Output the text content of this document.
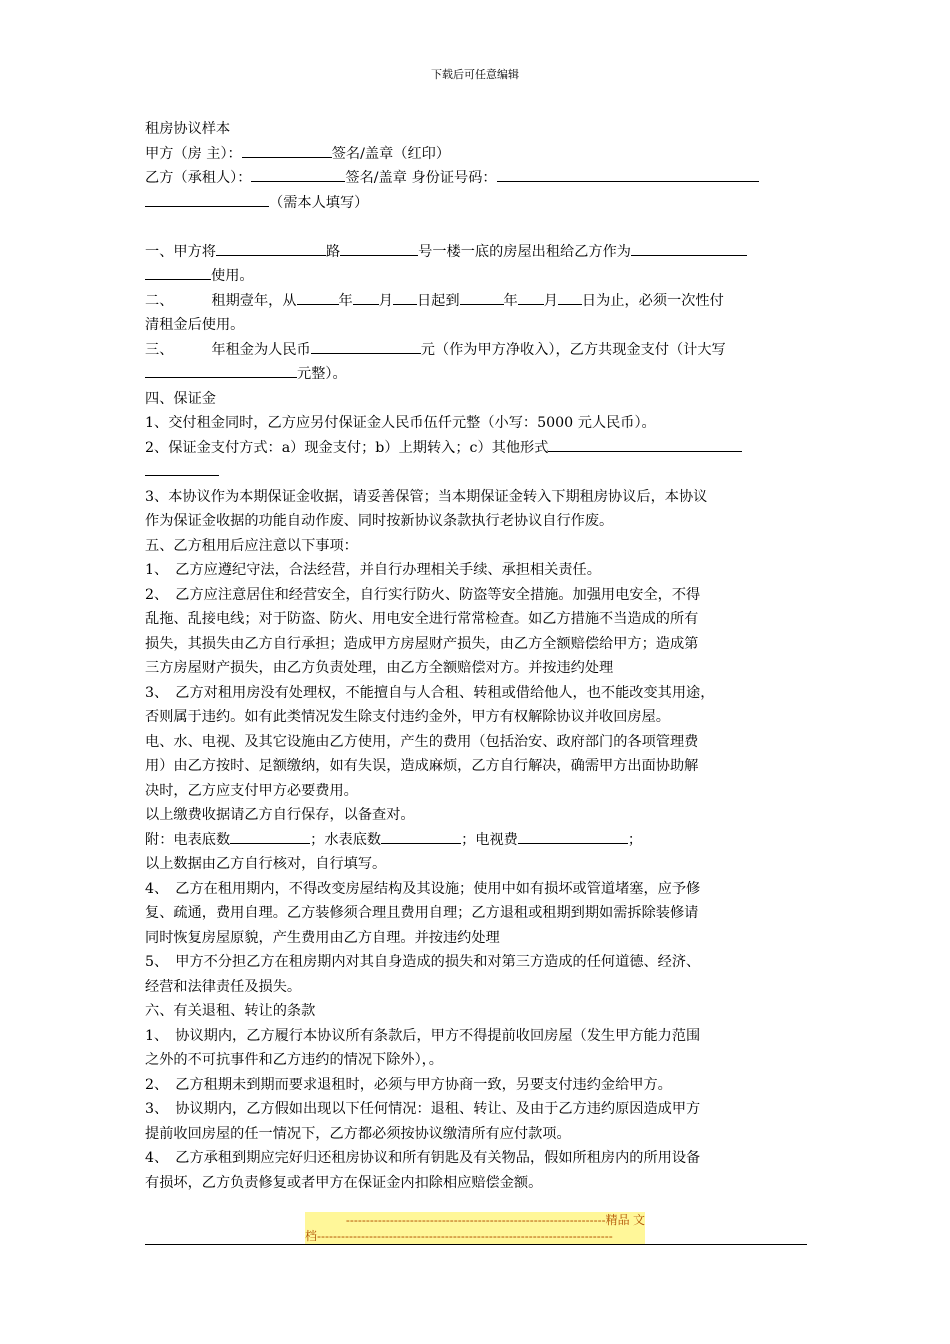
下载后可任意编辑

租房协议样本

甲方（房 主）：	签名/盖章（红印）

乙方（承租人）：	签名/盖章 身份证号码：

（需本人填写）

一、甲方将	路	号一楼一底的房屋出租给乙方作为

使用。

二、	租期壹年，从	年 月 日起到	年 月 日为止，必须一次性付

清租金后使用。

三、	年租金为人民币	元（作为甲方净收入），乙方共现金支付（计大写

元整）。

四、保证金

1、交付租金同时，乙方应另付保证金人民币伍仟元整（小写：5000 元人民币）。

2、保证金支付方式：a）现金支付；b）上期转入；c）其他形式

3、本协议作为本期保证金收据，请妥善保管；当本期保证金转入下期租房协议后，本协议

作为保证金收据的功能自动作废、同时按新协议条款执行老协议自行作废。

五、乙方租用后应注意以下事项：

1、　乙方应遵纪守法，合法经营，并自行办理相关手续、承担相关责任。

2、　乙方应注意居住和经营安全，自行实行防火、防盗等安全措施。加强用电安全，不得

乱拖、乱接电线；对于防盗、防火、用电安全进行常常检查。如乙方措施不当造成的所有

损失，其损失由乙方自行承担；造成甲方房屋财产损失，由乙方全额赔偿给甲方；造成第

三方房屋财产损失，由乙方负责处理，由乙方全额赔偿对方。并按违约处理

3、　乙方对租用房没有处理权，不能擅自与人合租、转租或借给他人，也不能改变其用途，

否则属于违约。如有此类情况发生除支付违约金外，甲方有权解除协议并收回房屋。

电、水、电视、及其它设施由乙方使用，产生的费用（包括治安、政府部门的各项管理费

用）由乙方按时、足额缴纳，如有失误，造成麻烦，乙方自行解决，确需甲方出面协助解

决时，乙方应支付甲方必要费用。

以上缴费收据请乙方自行保存，以备查对。

附：电表底数	；水表底数	；电视费	；

以上数据由乙方自行核对，自行填写。

4、　乙方在租用期内，不得改变房屋结构及其设施；使用中如有损坏或管道堵塞，应予修

复、疏通，费用自理。乙方装修须合理且费用自理；乙方退租或租期到期如需拆除装修请

同时恢复房屋原貌，产生费用由乙方自理。并按违约处理

5、　甲方不分担乙方在租房期内对其自身造成的损失和对第三方造成的任何道德、经济、

经营和法律责任及损失。

六、有关退租、转让的条款

1、　协议期内，乙方履行本协议所有条款后，甲方不得提前收回房屋（发生甲方能力范围

之外的不可抗事件和乙方违约的情况下除外），。

2、　乙方租期未到期而要求退租时，必须与甲方协商一致，另要支付违约金给甲方。

3、　协议期内，乙方假如出现以下任何情况：退租、转让、及由于乙方违约原因造成甲方

提前收回房屋的任一情况下，乙方都必须按协议缴清所有应付款项。

4、　乙方承租到期应完好归还租房协议和所有钥匙及有关物品，假如所租房内的所用设备

有损坏，乙方负责修复或者甲方在保证金内扣除相应赔偿金额。

-----------------------------------------------------------------精品 文
档--------------------------------------------------------------------------
